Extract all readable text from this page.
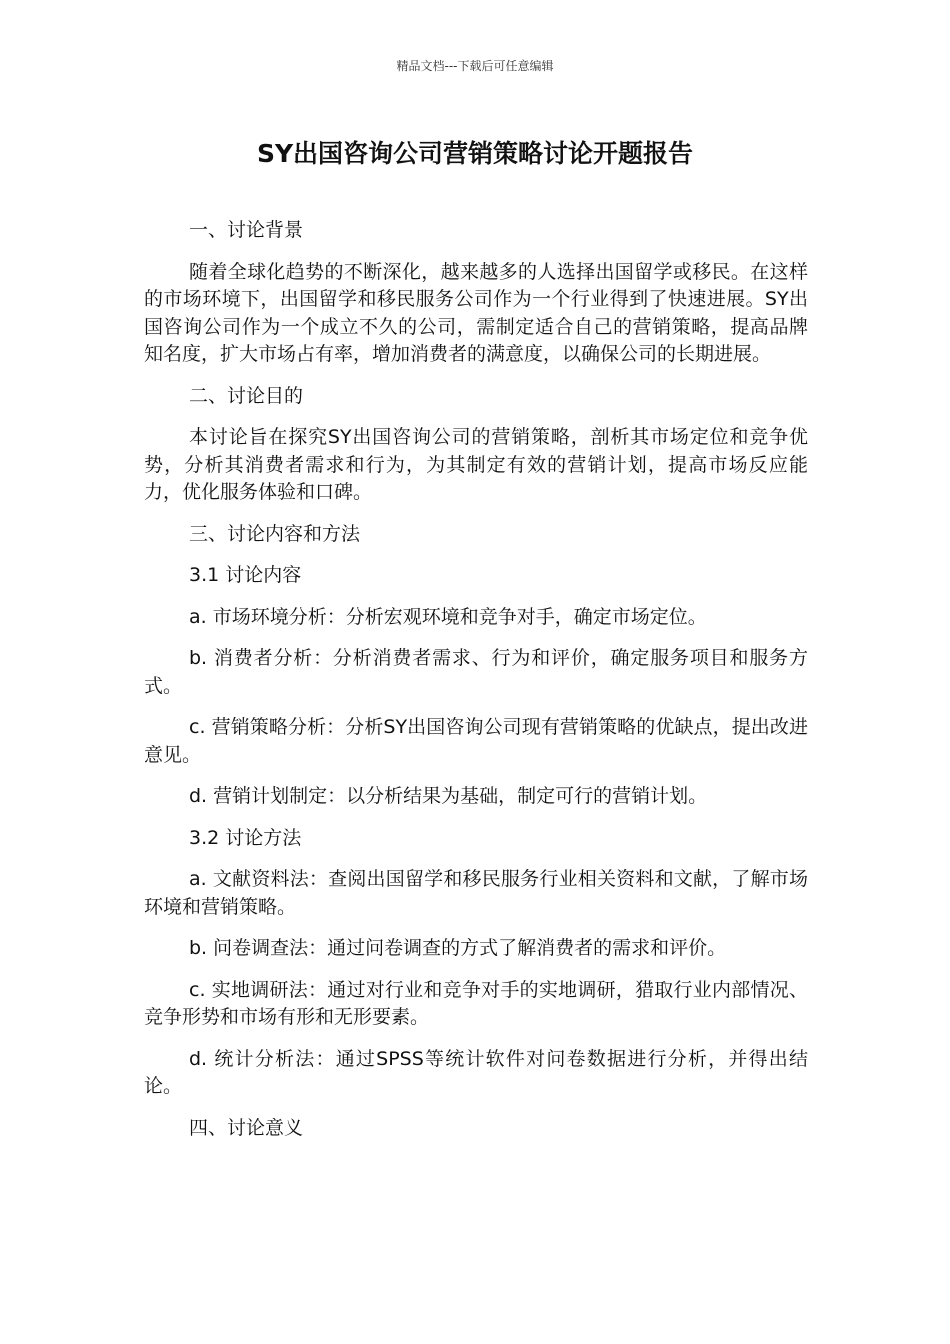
精品文档---下载后可任意编辑
SY出国咨询公司营销策略讨论开题报告

一、讨论背景

随着全球化趋势的不断深化，越来越多的人选择出国留学或移民。在这样的市场环境下，出国留学和移民服务公司作为一个行业得到了快速进展。SY出国咨询公司作为一个成立不久的公司，需制定适合自己的营销策略，提高品牌知名度，扩大市场占有率，增加消费者的满意度，以确保公司的长期进展。

二、讨论目的

本讨论旨在探究SY出国咨询公司的营销策略，剖析其市场定位和竞争优势，分析其消费者需求和行为，为其制定有效的营销计划，提高市场反应能力，优化服务体验和口碑。

三、讨论内容和方法

3.1 讨论内容

a. 市场环境分析：分析宏观环境和竞争对手，确定市场定位。

b. 消费者分析：分析消费者需求、行为和评价，确定服务项目和服务方式。

c. 营销策略分析：分析SY出国咨询公司现有营销策略的优缺点，提出改进意见。

d. 营销计划制定：以分析结果为基础，制定可行的营销计划。

3.2 讨论方法

a. 文献资料法：查阅出国留学和移民服务行业相关资料和文献，了解市场环境和营销策略。

b. 问卷调查法：通过问卷调查的方式了解消费者的需求和评价。

c. 实地调研法：通过对行业和竞争对手的实地调研，猎取行业内部情况、竞争形势和市场有形和无形要素。

d. 统计分析法：通过SPSS等统计软件对问卷数据进行分析，并得出结论。

四、讨论意义
